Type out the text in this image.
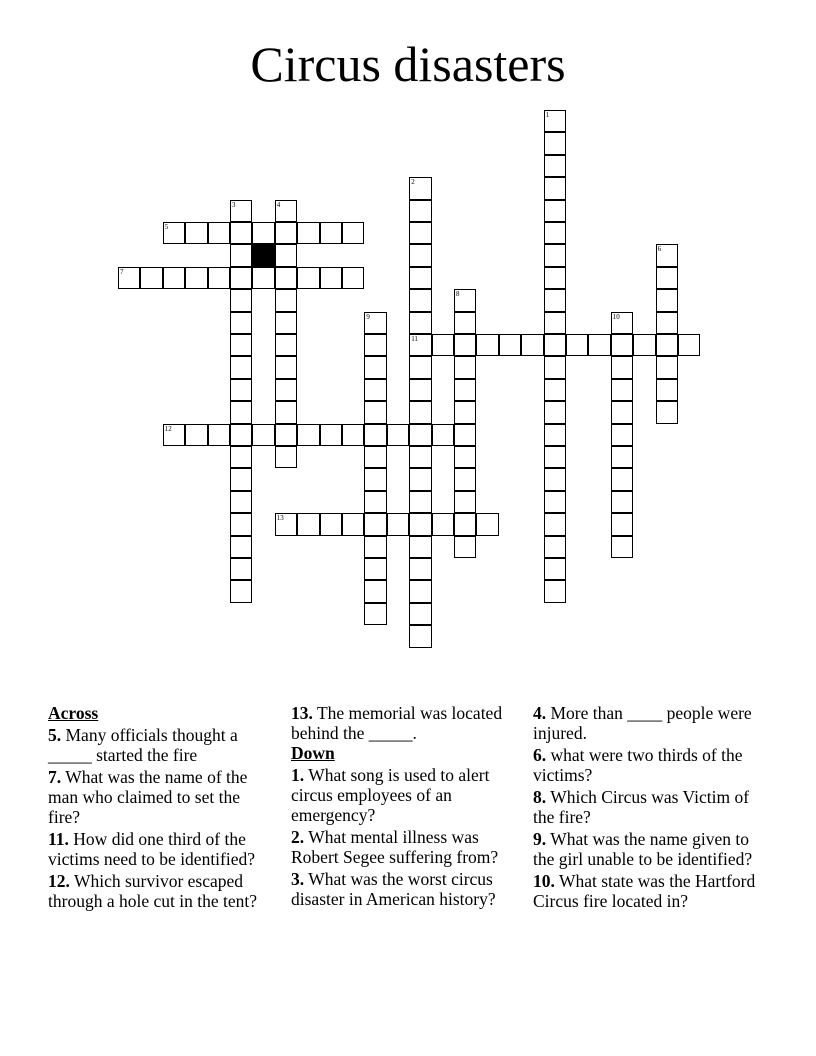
Circus disasters
1
2
11
3	4
5
6
7
8
9	10
12
13
Across

5. Many officials thought a _____ started the fire

7. What was the name of the man who claimed to set the fire?

11. How did one third of the victims need to be identified?

12. Which survivor escaped through a hole cut in the tent?

13. The memorial was located behind the _____.

Down

1. What song is used to alert circus employees of an emergency?

2. What mental illness was Robert Segee suffering from?

3. What was the worst circus disaster in American history?

4. More than ____ people were injured.

6. what were two thirds of the victims?

8. Which Circus was Victim of the fire?

9. What was the name given to the girl unable to be identified?

10. What state was the Hartford Circus fire located in?
